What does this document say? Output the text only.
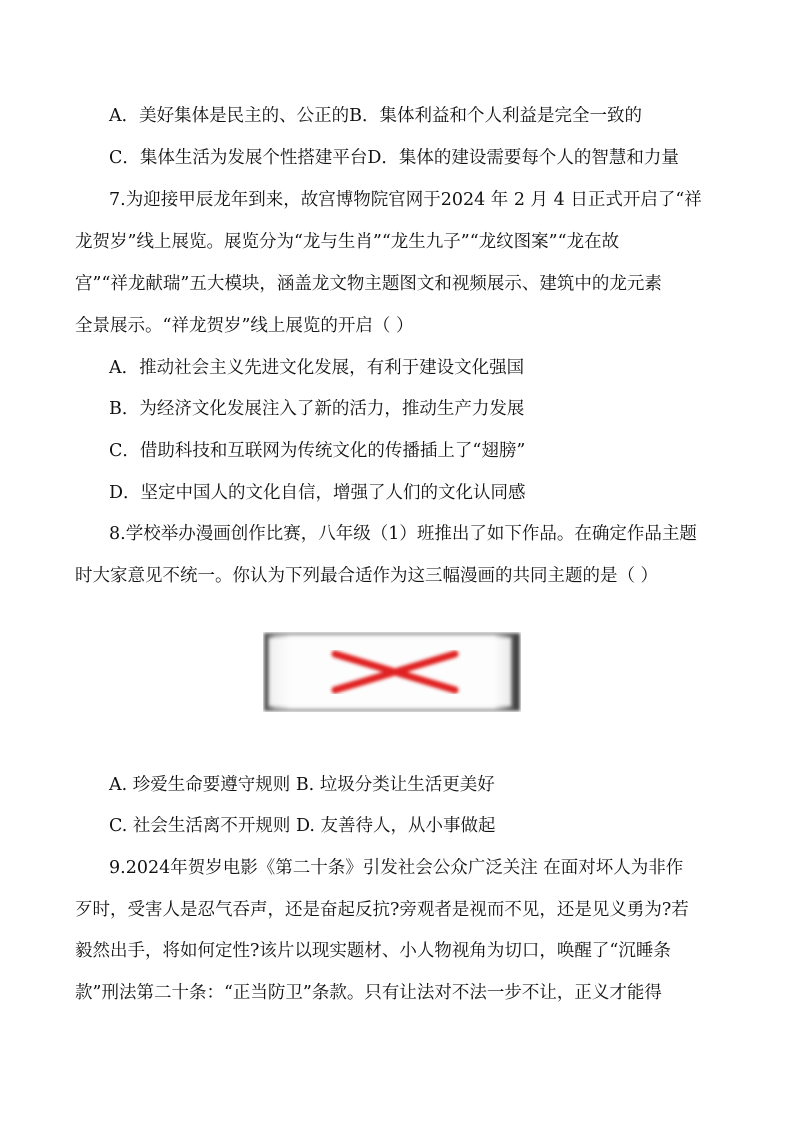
A．美好集体是民主的、公正的B．集体利益和个人利益是完全一致的
C．集体生活为发展个性搭建平台D．集体的建设需要每个人的智慧和力量
7.为迎接甲辰龙年到来，故宫博物院官网于2024 年 2 月 4 日正式开启了“祥
龙贺岁”线上展览。展览分为“龙与生肖”“龙生九子”“龙纹图案”“龙在故
宫”“祥龙献瑞”五大模块，涵盖龙文物主题图文和视频展示、建筑中的龙元素
全景展示。“祥龙贺岁”线上展览的开启（ ）
A．推动社会主义先进文化发展，有利于建设文化强国
B．为经济文化发展注入了新的活力，推动生产力发展
C．借助科技和互联网为传统文化的传播插上了“翅膀”
D．坚定中国人的文化自信，增强了人们的文化认同感
8.学校举办漫画创作比赛，八年级（1）班推出了如下作品。在确定作品主题
时大家意见不统一。你认为下列最合适作为这三幅漫画的共同主题的是（ ）
A. 珍爱生命要遵守规则 B. 垃圾分类让生活更美好
C. 社会生活离不开规则 D. 友善待人，从小事做起
9.2024年贺岁电影《第二十条》引发社会公众广泛关注 在面对坏人为非作
歹时，受害人是忍气吞声，还是奋起反抗?旁观者是视而不见，还是见义勇为?若
毅然出手，将如何定性?该片以现实题材、小人物视角为切口，唤醒了“沉睡条
款”刑法第二十条：“正当防卫”条款。只有让法对不法一步不让，正义才能得
